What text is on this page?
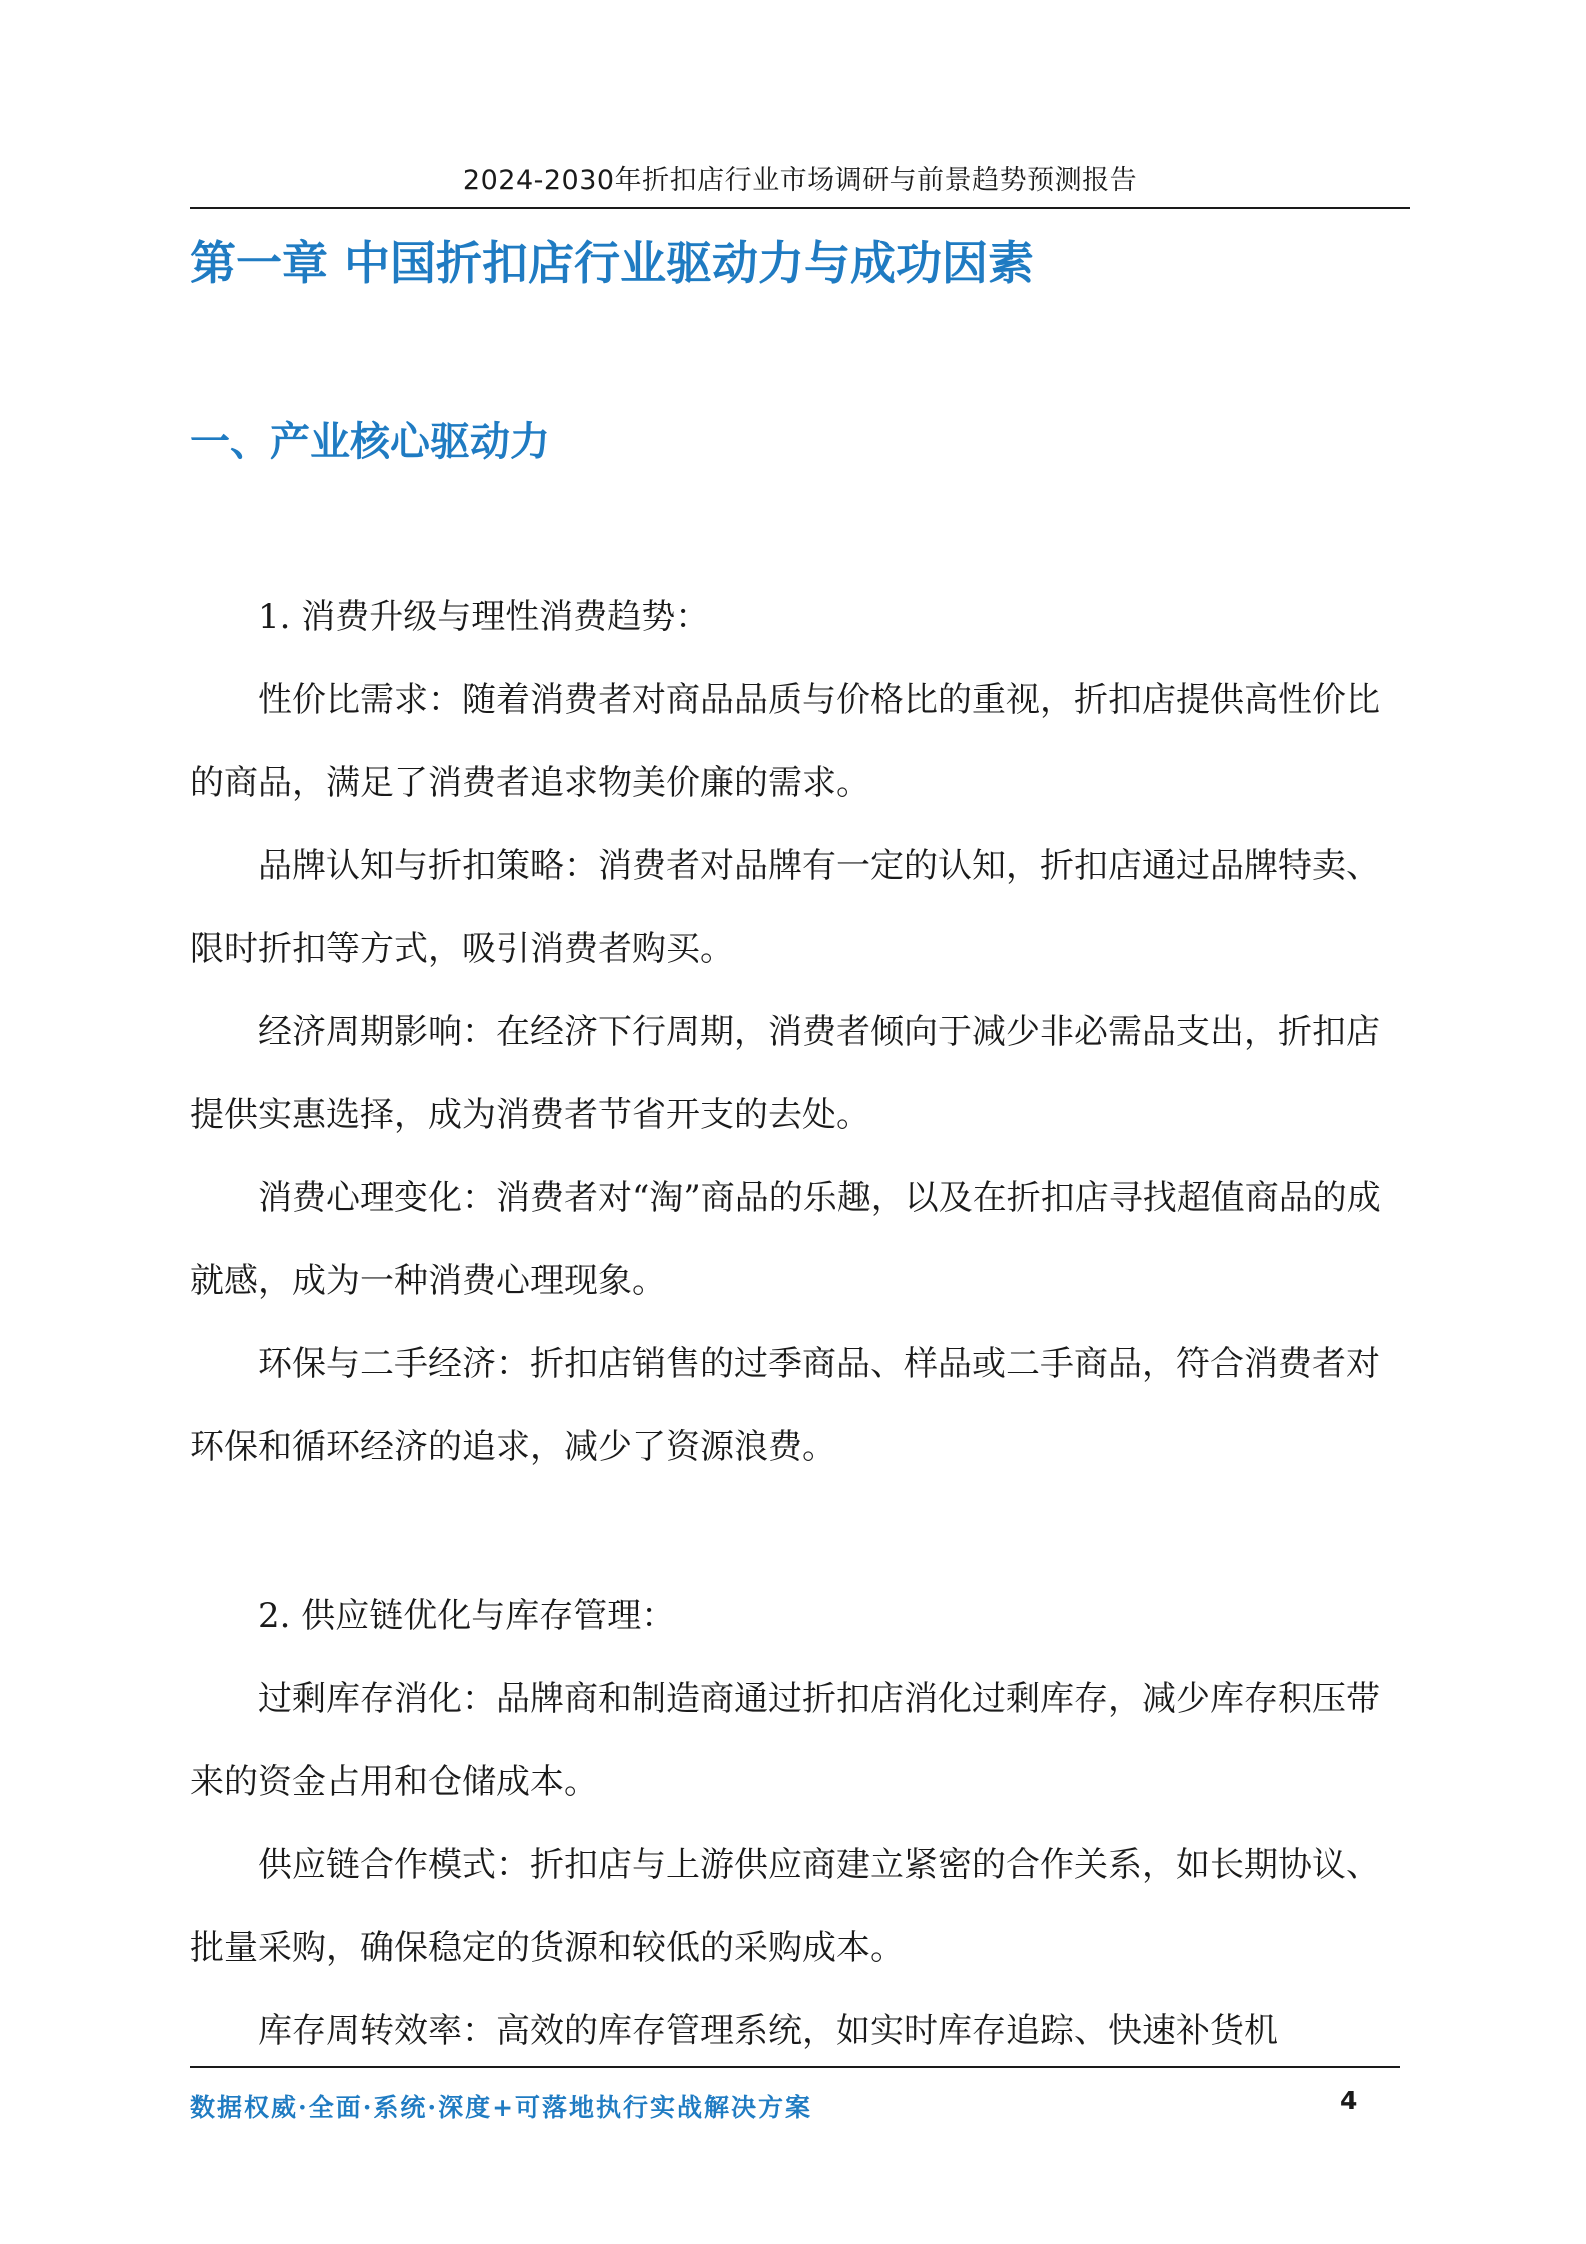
2024-2030年折扣店行业市场调研与前景趋势预测报告
第一章 中国折扣店行业驱动力与成功因素
一、产业核心驱动力

1. 消费升级与理性消费趋势：

性价比需求：随着消费者对商品品质与价格比的重视，折扣店提供高性价比的商品，满足了消费者追求物美价廉的需求。

品牌认知与折扣策略：消费者对品牌有一定的认知，折扣店通过品牌特卖、限时折扣等方式，吸引消费者购买。

经济周期影响：在经济下行周期，消费者倾向于减少非必需品支出，折扣店提供实惠选择，成为消费者节省开支的去处。

消费心理变化：消费者对“淘”商品的乐趣，以及在折扣店寻找超值商品的成就感，成为一种消费心理现象。

环保与二手经济：折扣店销售的过季商品、样品或二手商品，符合消费者对环保和循环经济的追求，减少了资源浪费。

2. 供应链优化与库存管理：

过剩库存消化：品牌商和制造商通过折扣店消化过剩库存，减少库存积压带来的资金占用和仓储成本。

供应链合作模式：折扣店与上游供应商建立紧密的合作关系，如长期协议、批量采购，确保稳定的货源和较低的采购成本。

库存周转效率：高效的库存管理系统，如实时库存追踪、快速补货机

数据权威·全面·系统·深度+可落地执行实战解决方案	4
